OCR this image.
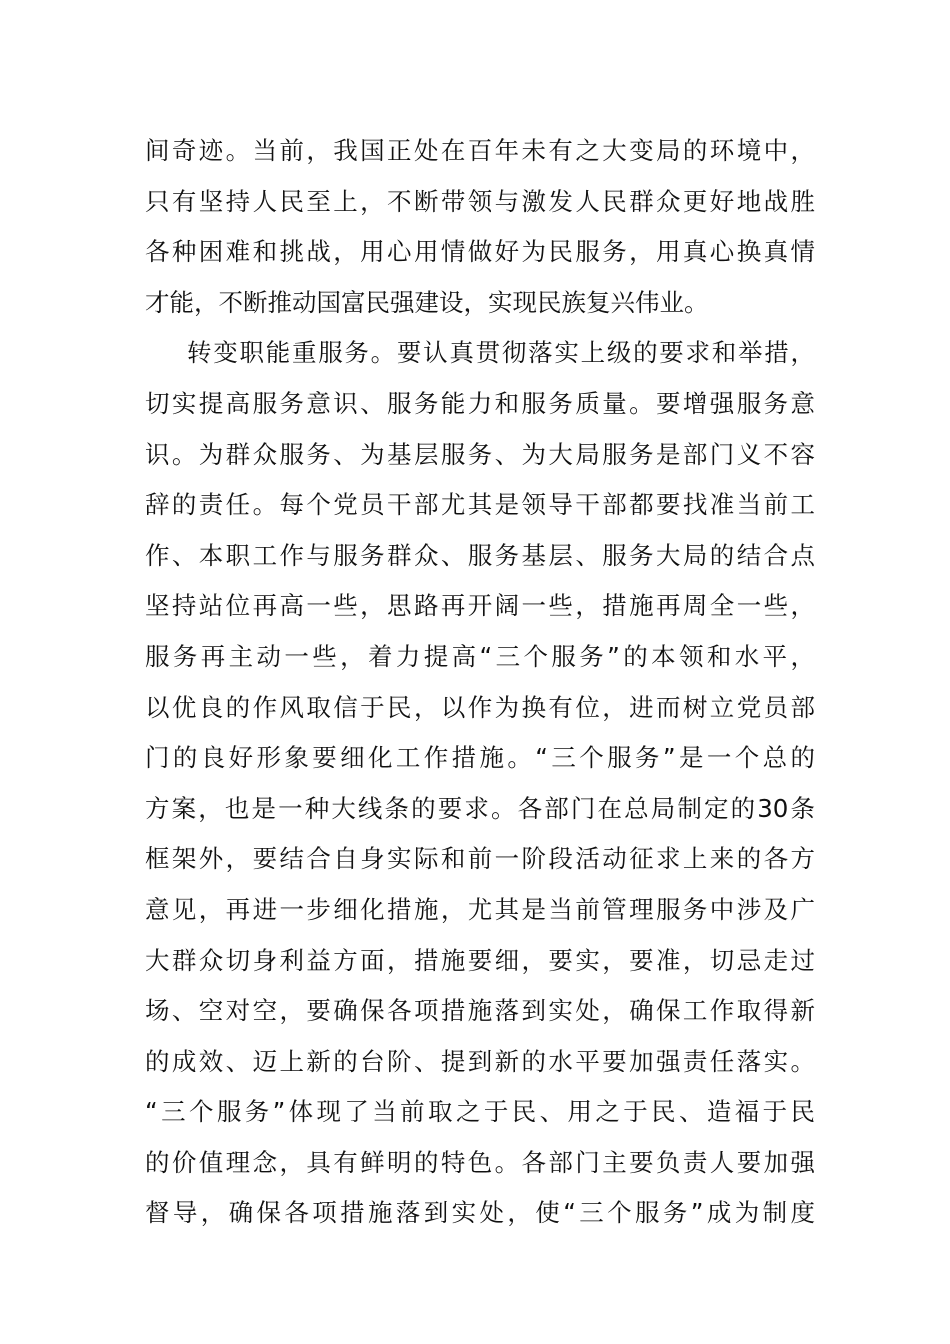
间奇迹。当前，我国正处在百年未有之大变局的环境中，
只有坚持人民至上，不断带领与激发人民群众更好地战胜
各种困难和挑战，用心用情做好为民服务，用真心换真情
才能，不断推动国富民强建设，实现民族复兴伟业。
转变职能重服务。要认真贯彻落实上级的要求和举措，
切实提高服务意识、服务能力和服务质量。要增强服务意
识。为群众服务、为基层服务、为大局服务是部门义不容
辞的责任。每个党员干部尤其是领导干部都要找准当前工
作、本职工作与服务群众、服务基层、服务大局的结合点
坚持站位再高一些，思路再开阔一些，措施再周全一些，
服务再主动一些，着力提高“三个服务”的本领和水平，
以优良的作风取信于民，以作为换有位，进而树立党员部
门的良好形象要细化工作措施。“三个服务”是一个总的
方案，也是一种大线条的要求。各部门在总局制定的30条
框架外，要结合自身实际和前一阶段活动征求上来的各方
意见，再进一步细化措施，尤其是当前管理服务中涉及广
大群众切身利益方面，措施要细，要实，要准，切忌走过
场、空对空，要确保各项措施落到实处，确保工作取得新
的成效、迈上新的台阶、提到新的水平要加强责任落实。
“三个服务”体现了当前取之于民、用之于民、造福于民
的价值理念，具有鲜明的特色。各部门主要负责人要加强
督导，确保各项措施落到实处，使“三个服务”成为制度
